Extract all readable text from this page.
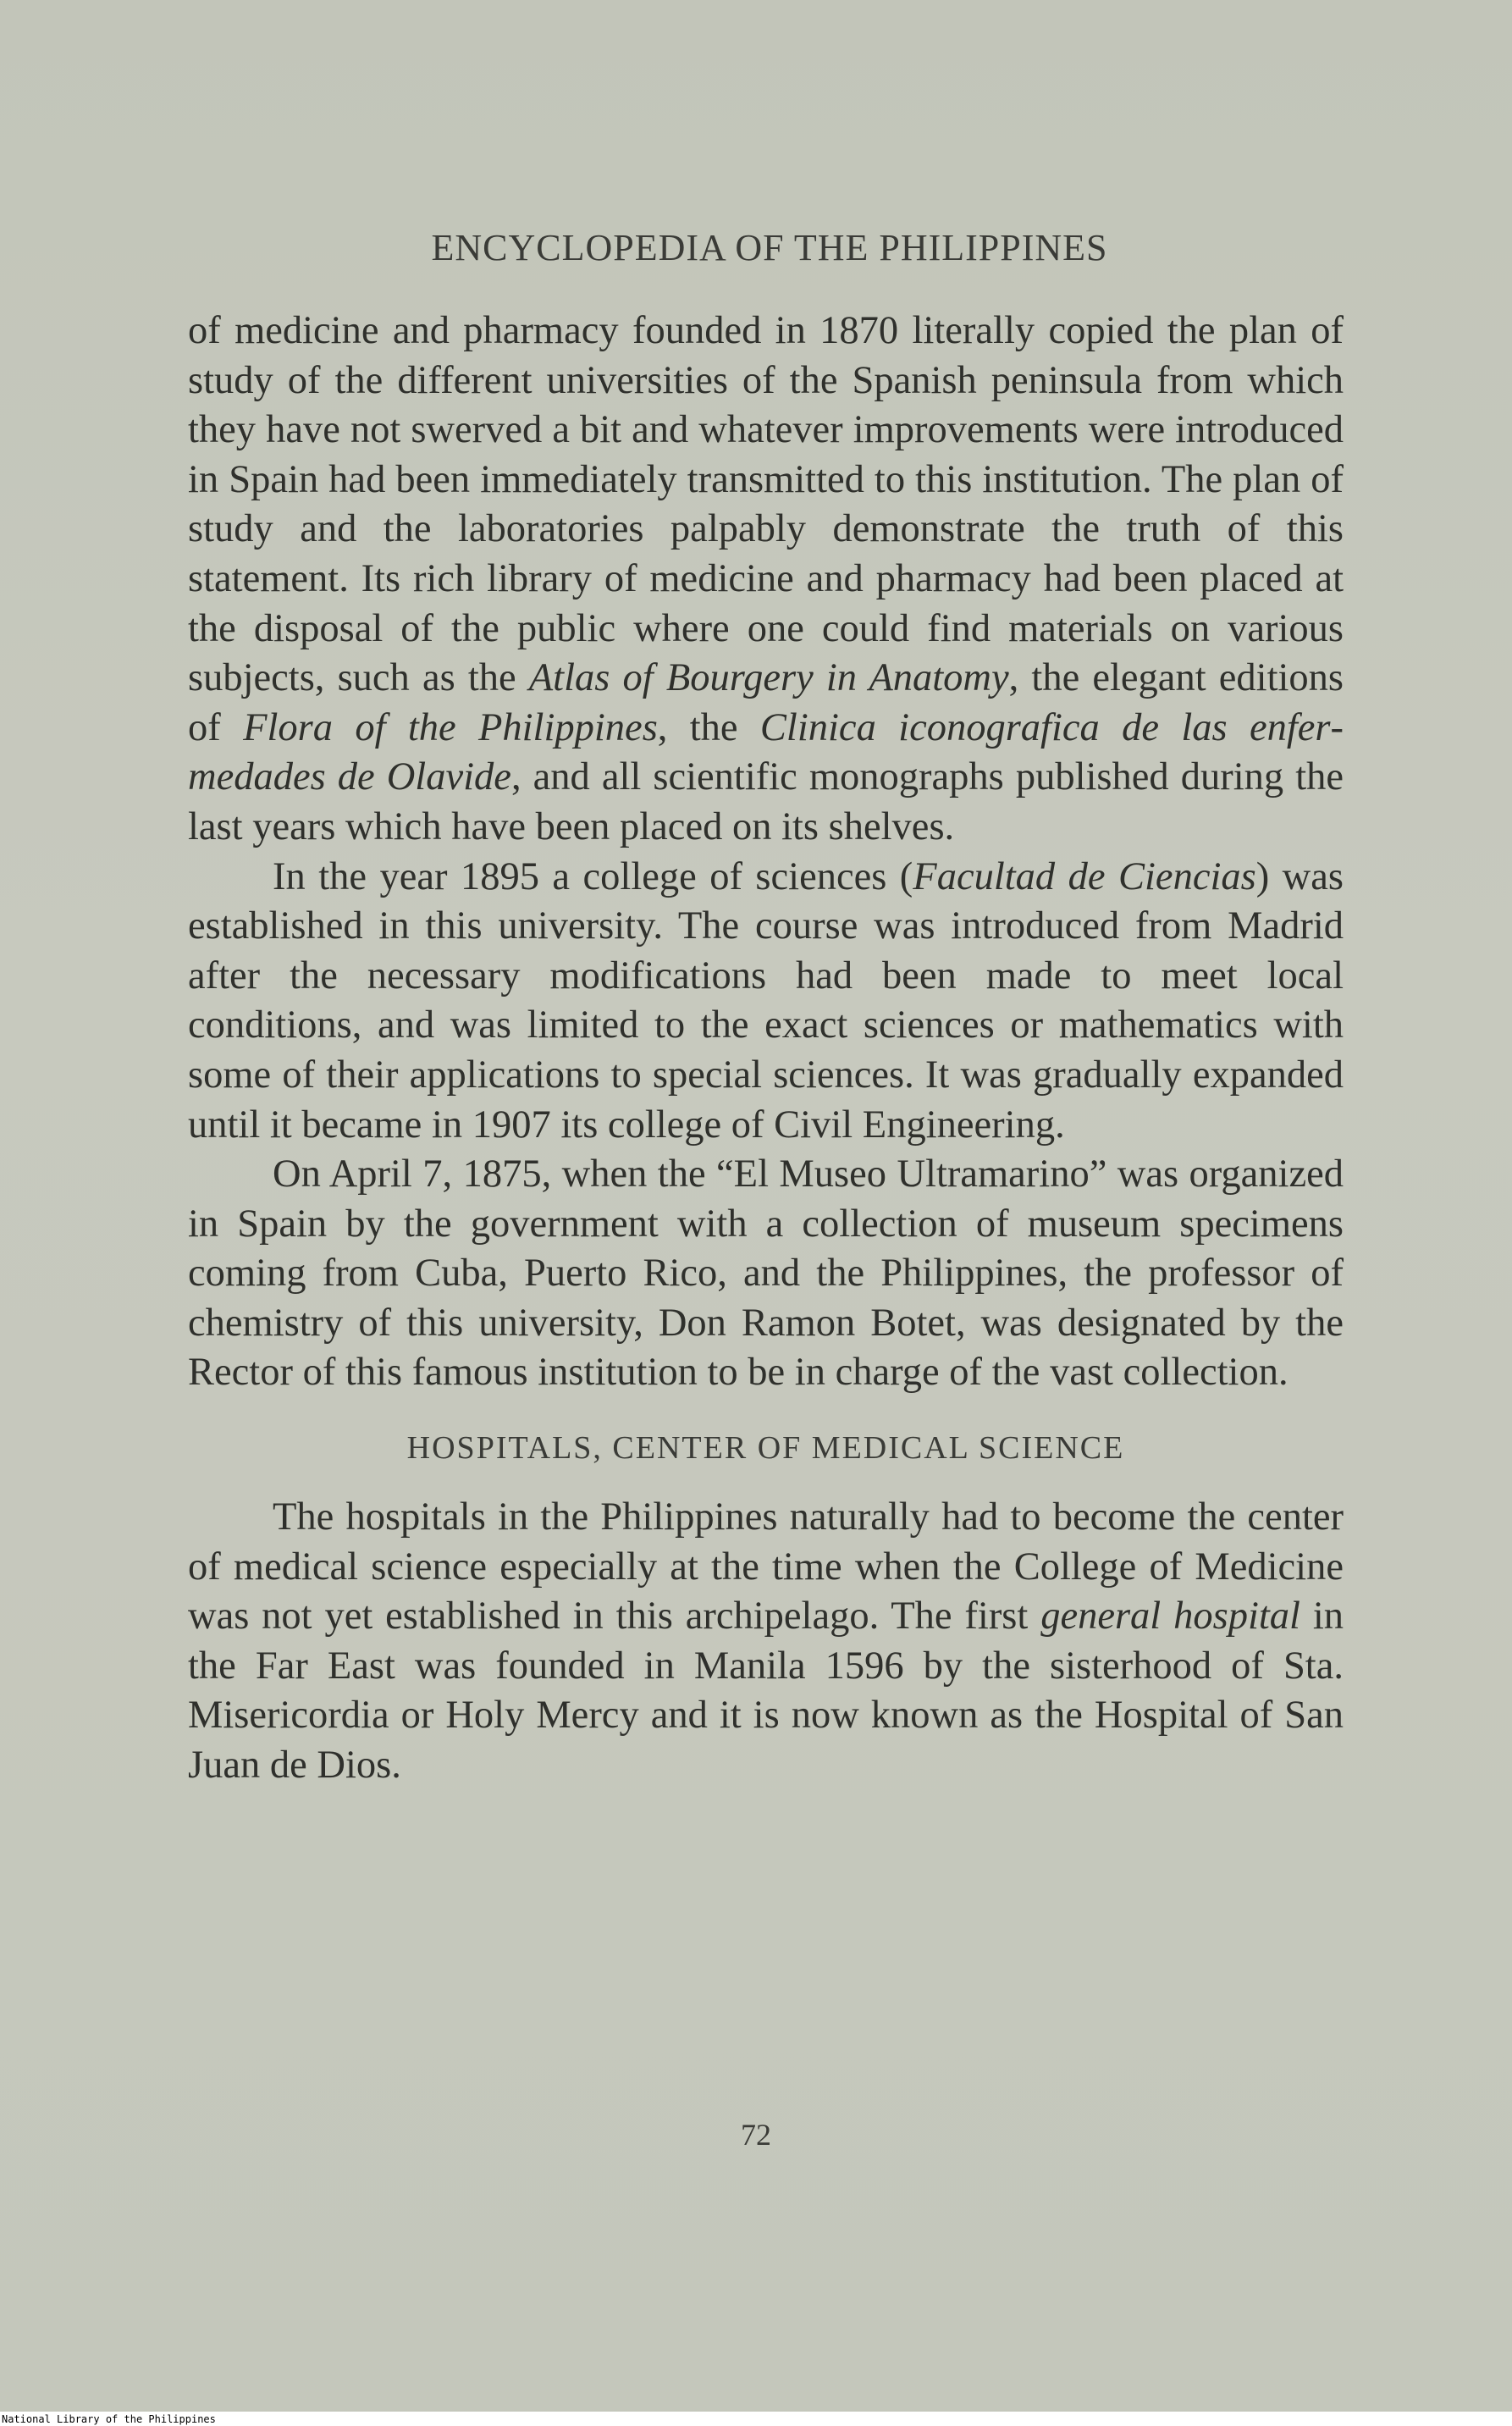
ENCYCLOPEDIA OF THE PHILIPPINES

of medicine and pharmacy founded in 1870 literally copied the plan of study of the different universities of the Spanish peninsula from which they have not swerved a bit and whatever improvements were introduced in Spain had been immediately transmitted to this institution. The plan of study and the laboratories palpably demonstrate the truth of this statement. Its rich library of medicine and pharmacy had been placed at the disposal of the public where one could find materials on various subjects, such as the Atlas of Bourgery in Anatomy, the elegant editions of Flora of the Philippines, the Clinica iconografica de las enfermedades de Olavide, and all scientific monographs published during the last years which have been placed on its shelves.

In the year 1895 a college of sciences (Facultad de Ciencias) was established in this university. The course was introduced from Madrid after the necessary modifications had been made to meet local conditions, and was limited to the exact sciences or mathematics with some of their applications to special sciences. It was gradually expanded until it became in 1907 its college of Civil Engineering.

On April 7, 1875, when the “El Museo Ultramarino” was organized in Spain by the government with a collection of museum specimens coming from Cuba, Puerto Rico, and the Philippines, the professor of chemistry of this university, Don Ramon Botet, was designated by the Rector of this famous institution to be in charge of the vast collection.

HOSPITALS, CENTER OF MEDICAL SCIENCE

The hospitals in the Philippines naturally had to become the center of medical science especially at the time when the College of Medicine was not yet established in this archipelago. The first general hospital in the Far East was founded in Manila 1596 by the sisterhood of Sta. Misericordia or Holy Mercy and it is now known as the Hospital of San Juan de Dios.

72
National Library of the Philippines
